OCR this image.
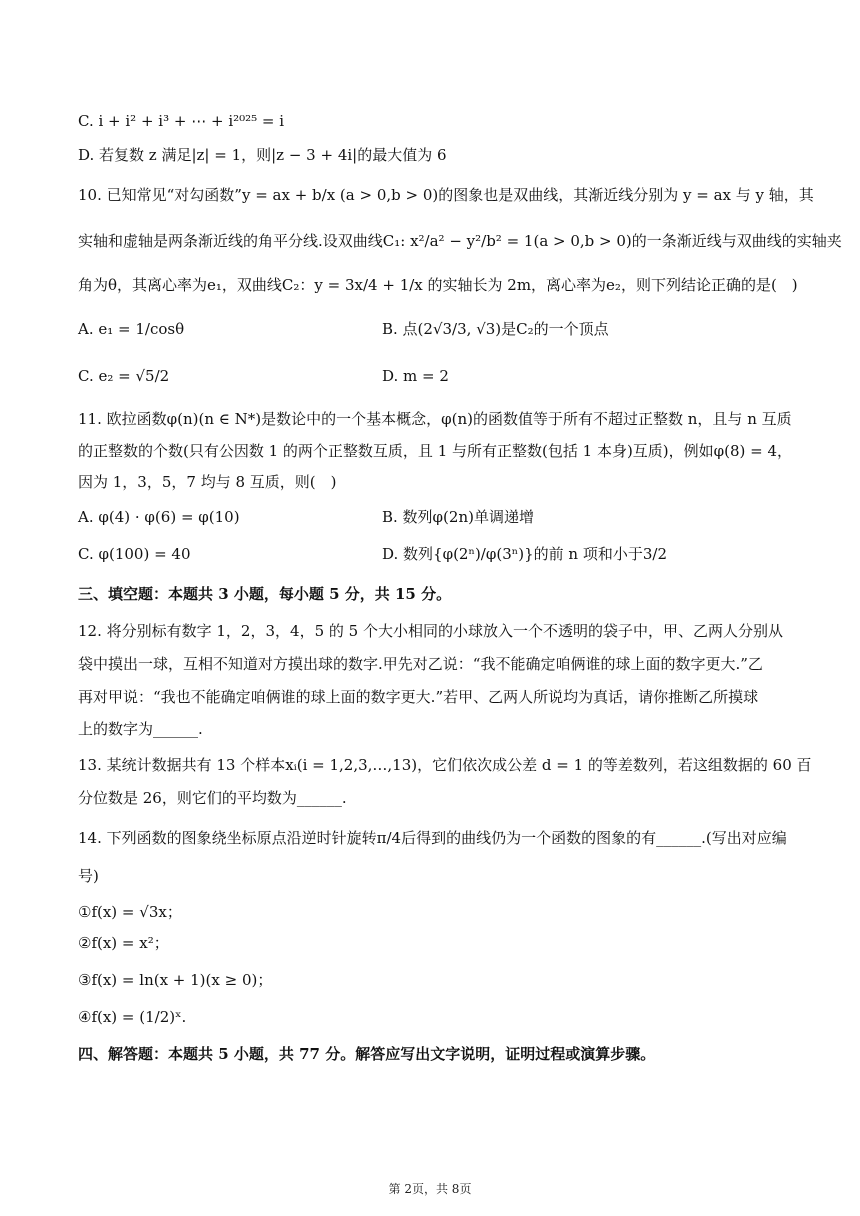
C. i + i² + i³ + ⋯ + i²⁰²⁵ = i
D. 若复数 z 满足|z| = 1，则|z − 3 + 4i|的最大值为 6
10. 已知常见“对勾函数”y = ax + b/x (a > 0,b > 0)的图象也是双曲线，其渐近线分别为 y = ax 与 y 轴，其
实轴和虚轴是两条渐近线的角平分线.设双曲线C₁: x²/a² − y²/b² = 1(a > 0,b > 0)的一条渐近线与双曲线的实轴夹
角为θ，其离心率为e₁，双曲线C₂：y = 3x/4 + 1/x 的实轴长为 2m，离心率为e₂，则下列结论正确的是(　)
A. e₁ = 1/cosθ	B. 点(2√3/3, √3)是C₂的一个顶点
C. e₂ = √5/2	D. m = 2
11. 欧拉函数φ(n)(n ∈ N*)是数论中的一个基本概念，φ(n)的函数值等于所有不超过正整数 n，且与 n 互质
的正整数的个数(只有公因数 1 的两个正整数互质，且 1 与所有正整数(包括 1 本身)互质)，例如φ(8) = 4，
因为 1，3，5，7 均与 8 互质，则(　)
A. φ(4) · φ(6) = φ(10)	B. 数列φ(2n)单调递增
C. φ(100) = 40	D. 数列{φ(2ⁿ)/φ(3ⁿ)}的前 n 项和小于3/2
三、填空题：本题共 3 小题，每小题 5 分，共 15 分。
12. 将分别标有数字 1，2，3，4，5 的 5 个大小相同的小球放入一个不透明的袋子中，甲、乙两人分别从
袋中摸出一球，互相不知道对方摸出球的数字.甲先对乙说：“我不能确定咱俩谁的球上面的数字更大.”乙
再对甲说：“我也不能确定咱俩谁的球上面的数字更大.”若甲、乙两人所说均为真话，请你推断乙所摸球
上的数字为______.
13. 某统计数据共有 13 个样本xᵢ(i = 1,2,3,…,13)，它们依次成公差 d = 1 的等差数列，若这组数据的 60 百
分位数是 26，则它们的平均数为______.
14. 下列函数的图象绕坐标原点沿逆时针旋转π/4后得到的曲线仍为一个函数的图象的有______.(写出对应编
号)
①f(x) = √3x；
②f(x) = x²；
③f(x) = ln(x + 1)(x ≥ 0)；
④f(x) = (1/2)ˣ.
四、解答题：本题共 5 小题，共 77 分。解答应写出文字说明，证明过程或演算步骤。
第 2页，共 8页
